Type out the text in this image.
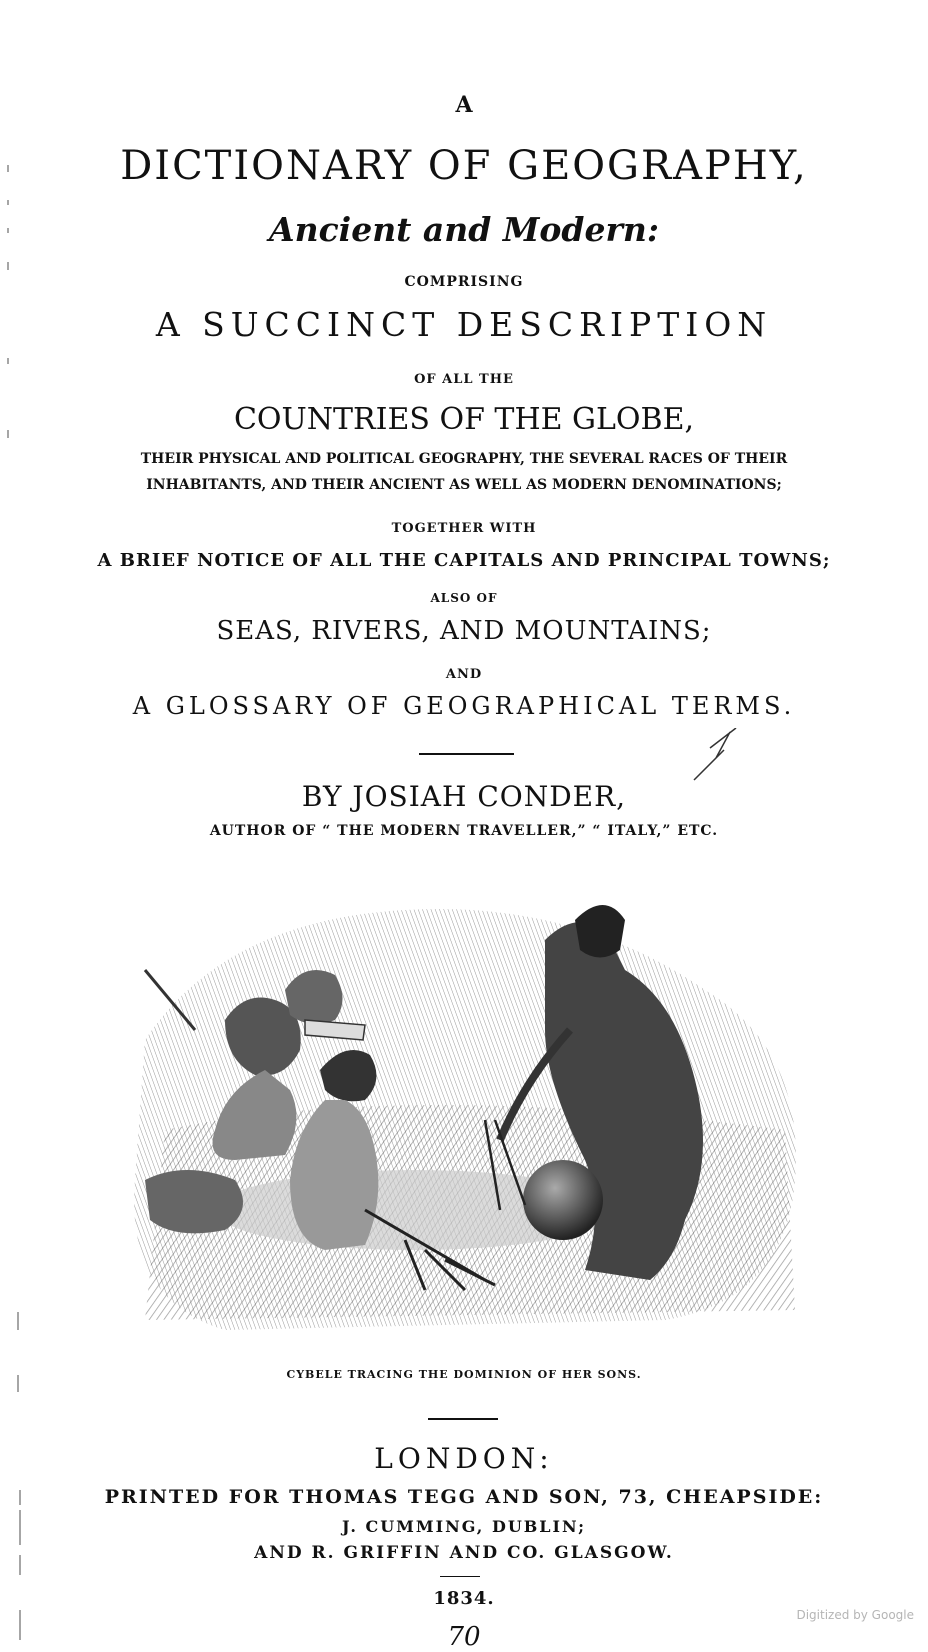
A
DICTIONARY OF GEOGRAPHY,
Ancient and Modern:
COMPRISING
A SUCCINCT DESCRIPTION
OF ALL THE
COUNTRIES OF THE GLOBE,
THEIR PHYSICAL AND POLITICAL GEOGRAPHY, THE SEVERAL RACES OF THEIR
INHABITANTS, AND THEIR ANCIENT AS WELL AS MODERN DENOMINATIONS;
TOGETHER WITH
A BRIEF NOTICE OF ALL THE CAPITALS AND PRINCIPAL TOWNS;
ALSO OF
SEAS, RIVERS, AND MOUNTAINS;
AND
A GLOSSARY OF GEOGRAPHICAL TERMS.
BY JOSIAH CONDER,
AUTHOR OF “ THE MODERN TRAVELLER,” “ ITALY,” ETC.
CYBELE TRACING THE DOMINION OF HER SONS.
LONDON:
PRINTED FOR THOMAS TEGG AND SON, 73, CHEAPSIDE:
J. CUMMING, DUBLIN;
AND R. GRIFFIN AND CO. GLASGOW.
1834.
70
Digitized by Google
